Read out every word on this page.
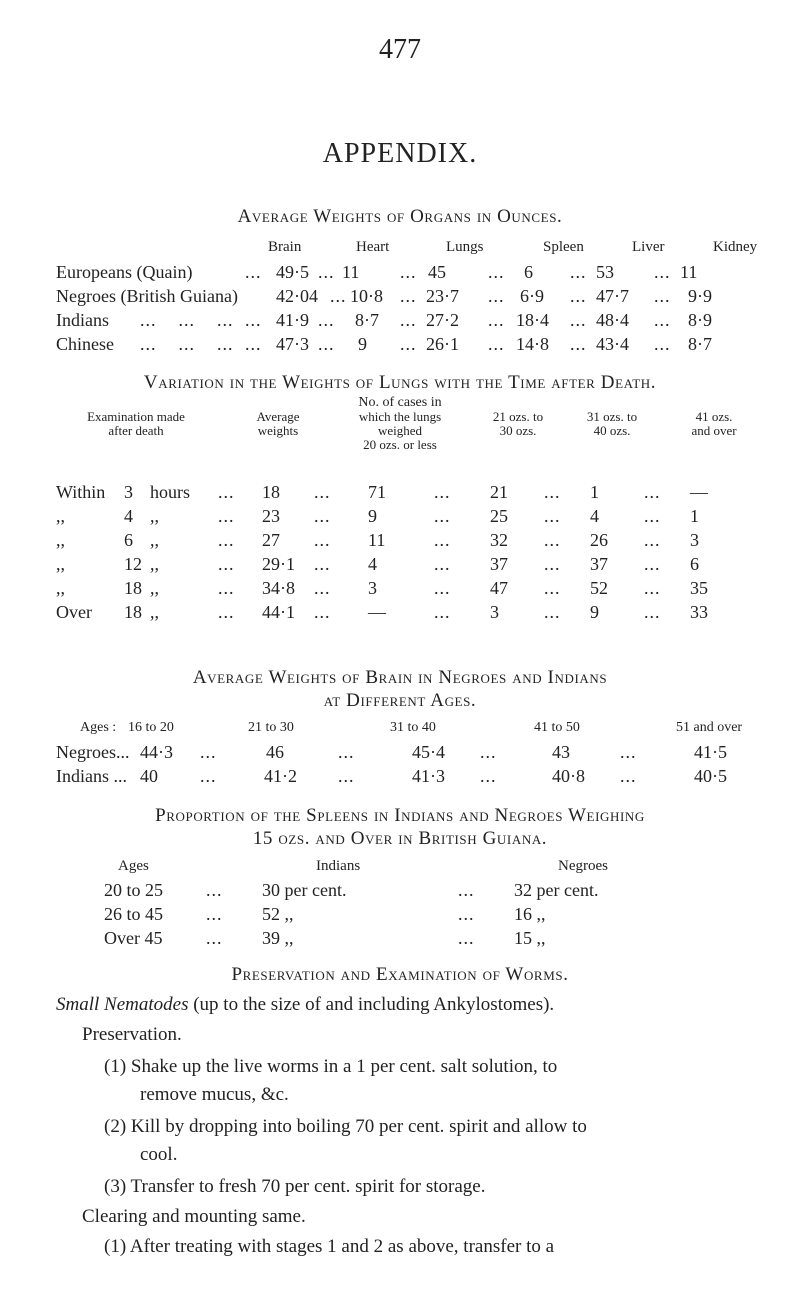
477
APPENDIX.
Average Weights of Organs in Ounces.
Brain	Heart	Lungs	Spleen	Liver	Kidney
Europeans (Quain)	... 49·5 ... 11 ... 45 ... 6 ... 53 ... 11
Negroes (British Guiana) 42·04 ... 10·8 ... 23·7 ... 6·9 ... 47·7 ... 9·9
Indians ...    ...    ... ... 41·9 ... 8·7 ... 27·2 ... 18·4 ... 48·4 ... 8·9
Chinese ...    ...    ... ... 47·3 ... 9 ... 26·1 ... 14·8 ... 43·4 ... 8·7
Variation in the Weights of Lungs with the Time after Death.
Examination made
after death
Average
weights
No. of cases in
which the lungs
weighed
20 ozs. or less
21 ozs. to
30 ozs.
31 ozs. to
40 ozs.
41 ozs.
and over
Within 3 hours ... 18 ... 71	... 21 ... 1	... —
,,	4 ,,	... 23 ... 9	... 25 ... 4	... 1
,,	6 ,,	... 27 ... 11	... 32 ... 26 ... 3
,,	12 ,,	... 29·1 ... 4	... 37 ... 37 ... 6
,,	18 ,,	... 34·8 ... 3	... 47 ... 52 ... 35
Over 18 ,,	... 44·1 ... —	... 3	... 9	... 33
Average Weights of Brain in Negroes and Indians
at Different Ages.
Ages : 16 to 20	21 to 30	31 to 40	41 to 50	51 and over
Negroes... 44·3 ...	46	...	45·4 ...	43	...	41·5
Indians ... 40 ...	41·2 ...	41·3 ...	40·8 ...	40·5
Proportion of the Spleens in Indians and Negroes Weighing
15 ozs. and Over in British Guiana.
Ages	Indians	Negroes
20 to 25 ... 30 per cent.	... 32 per cent.
26 to 45 ... 52 ,,	... 16 ,,
Over 45 ... 39 ,,	... 15 ,,
Preservation and Examination of Worms.
Small Nematodes (up to the size of and including Ankylostomes).
Preservation.
(1) Shake up the live worms in a 1 per cent. salt solution, to
remove mucus, &c.
(2) Kill by dropping into boiling 70 per cent. spirit and allow to
cool.
(3) Transfer to fresh 70 per cent. spirit for storage.
Clearing and mounting same.
(1) After treating with stages 1 and 2 as above, transfer to a
